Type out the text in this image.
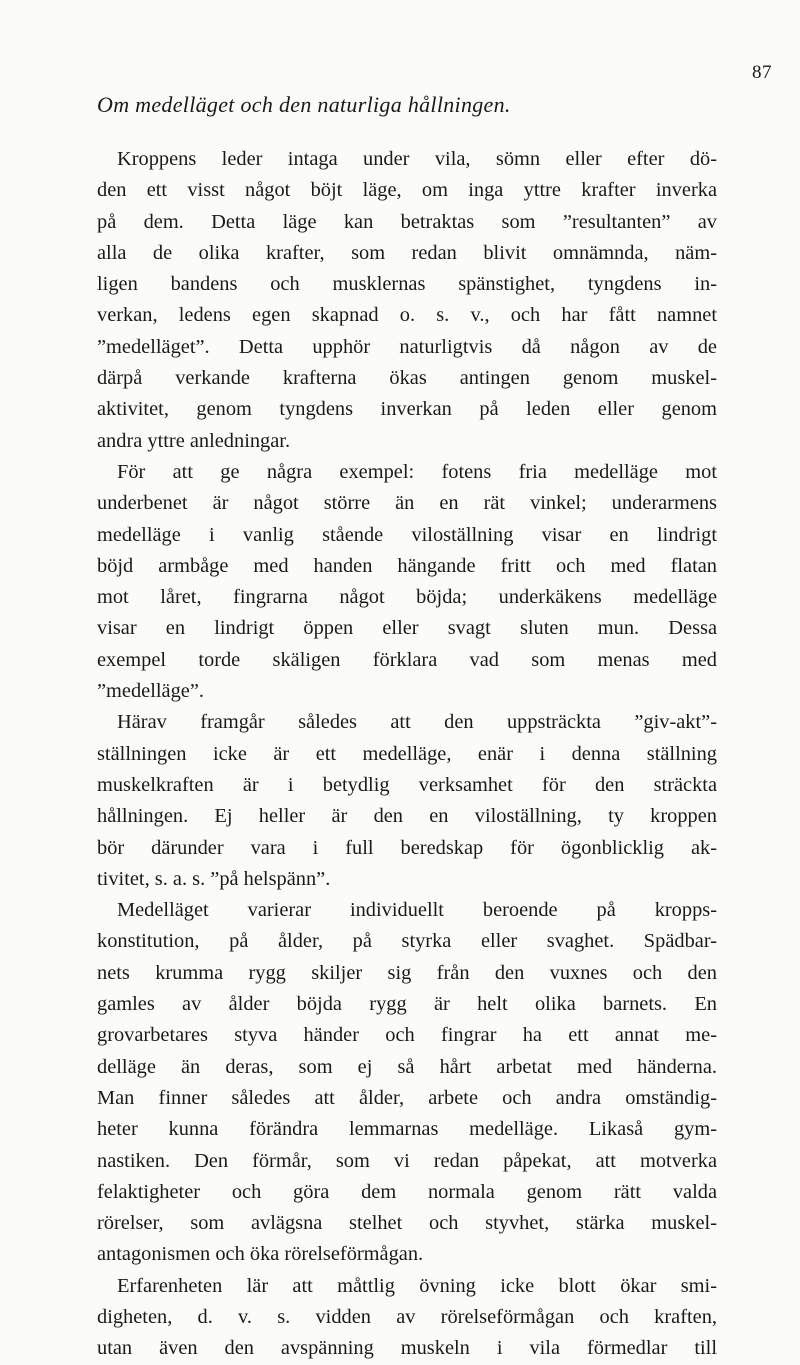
87
Om medelläget och den naturliga hållningen.
Kroppens leder intaga under vila, sömn eller efter dö-
den ett visst något böjt läge, om inga yttre krafter inverka
på dem. Detta läge kan betraktas som ”resultanten” av
alla de olika krafter, som redan blivit omnämnda, näm-
ligen bandens och musklernas spänstighet, tyngdens in-
verkan, ledens egen skapnad o. s. v., och har fått namnet
”medelläget”. Detta upphör naturligtvis då någon av de
därpå verkande krafterna ökas antingen genom muskel-
aktivitet, genom tyngdens inverkan på leden eller genom
andra yttre anledningar.
För att ge några exempel: fotens fria medelläge mot
underbenet är något större än en rät vinkel; underarmens
medelläge i vanlig stående viloställning visar en lindrigt
böjd armbåge med handen hängande fritt och med flatan
mot låret, fingrarna något böjda; underkäkens medelläge
visar en lindrigt öppen eller svagt sluten mun. Dessa
exempel torde skäligen förklara vad som menas med
”medelläge”.
Härav framgår således att den uppsträckta ”giv-akt”-
ställningen icke är ett medelläge, enär i denna ställning
muskelkraften är i betydlig verksamhet för den sträckta
hållningen. Ej heller är den en viloställning, ty kroppen
bör därunder vara i full beredskap för ögonblicklig ak-
tivitet, s. a. s. ”på helspänn”.
Medelläget varierar individuellt beroende på kropps-
konstitution, på ålder, på styrka eller svaghet. Spädbar-
nets krumma rygg skiljer sig från den vuxnes och den
gamles av ålder böjda rygg är helt olika barnets. En
grovarbetares styva händer och fingrar ha ett annat me-
delläge än deras, som ej så hårt arbetat med händerna.
Man finner således att ålder, arbete och andra omständig-
heter kunna förändra lemmarnas medelläge. Likaså gym-
nastiken. Den förmår, som vi redan påpekat, att motverka
felaktigheter och göra dem normala genom rätt valda
rörelser, som avlägsna stelhet och styvhet, stärka muskel-
antagonismen och öka rörelseförmågan.
Erfarenheten lär att måttlig övning icke blott ökar smi-
digheten, d. v. s. vidden av rörelseförmågan och kraften,
utan även den avspänning muskeln i vila förmedlar till
